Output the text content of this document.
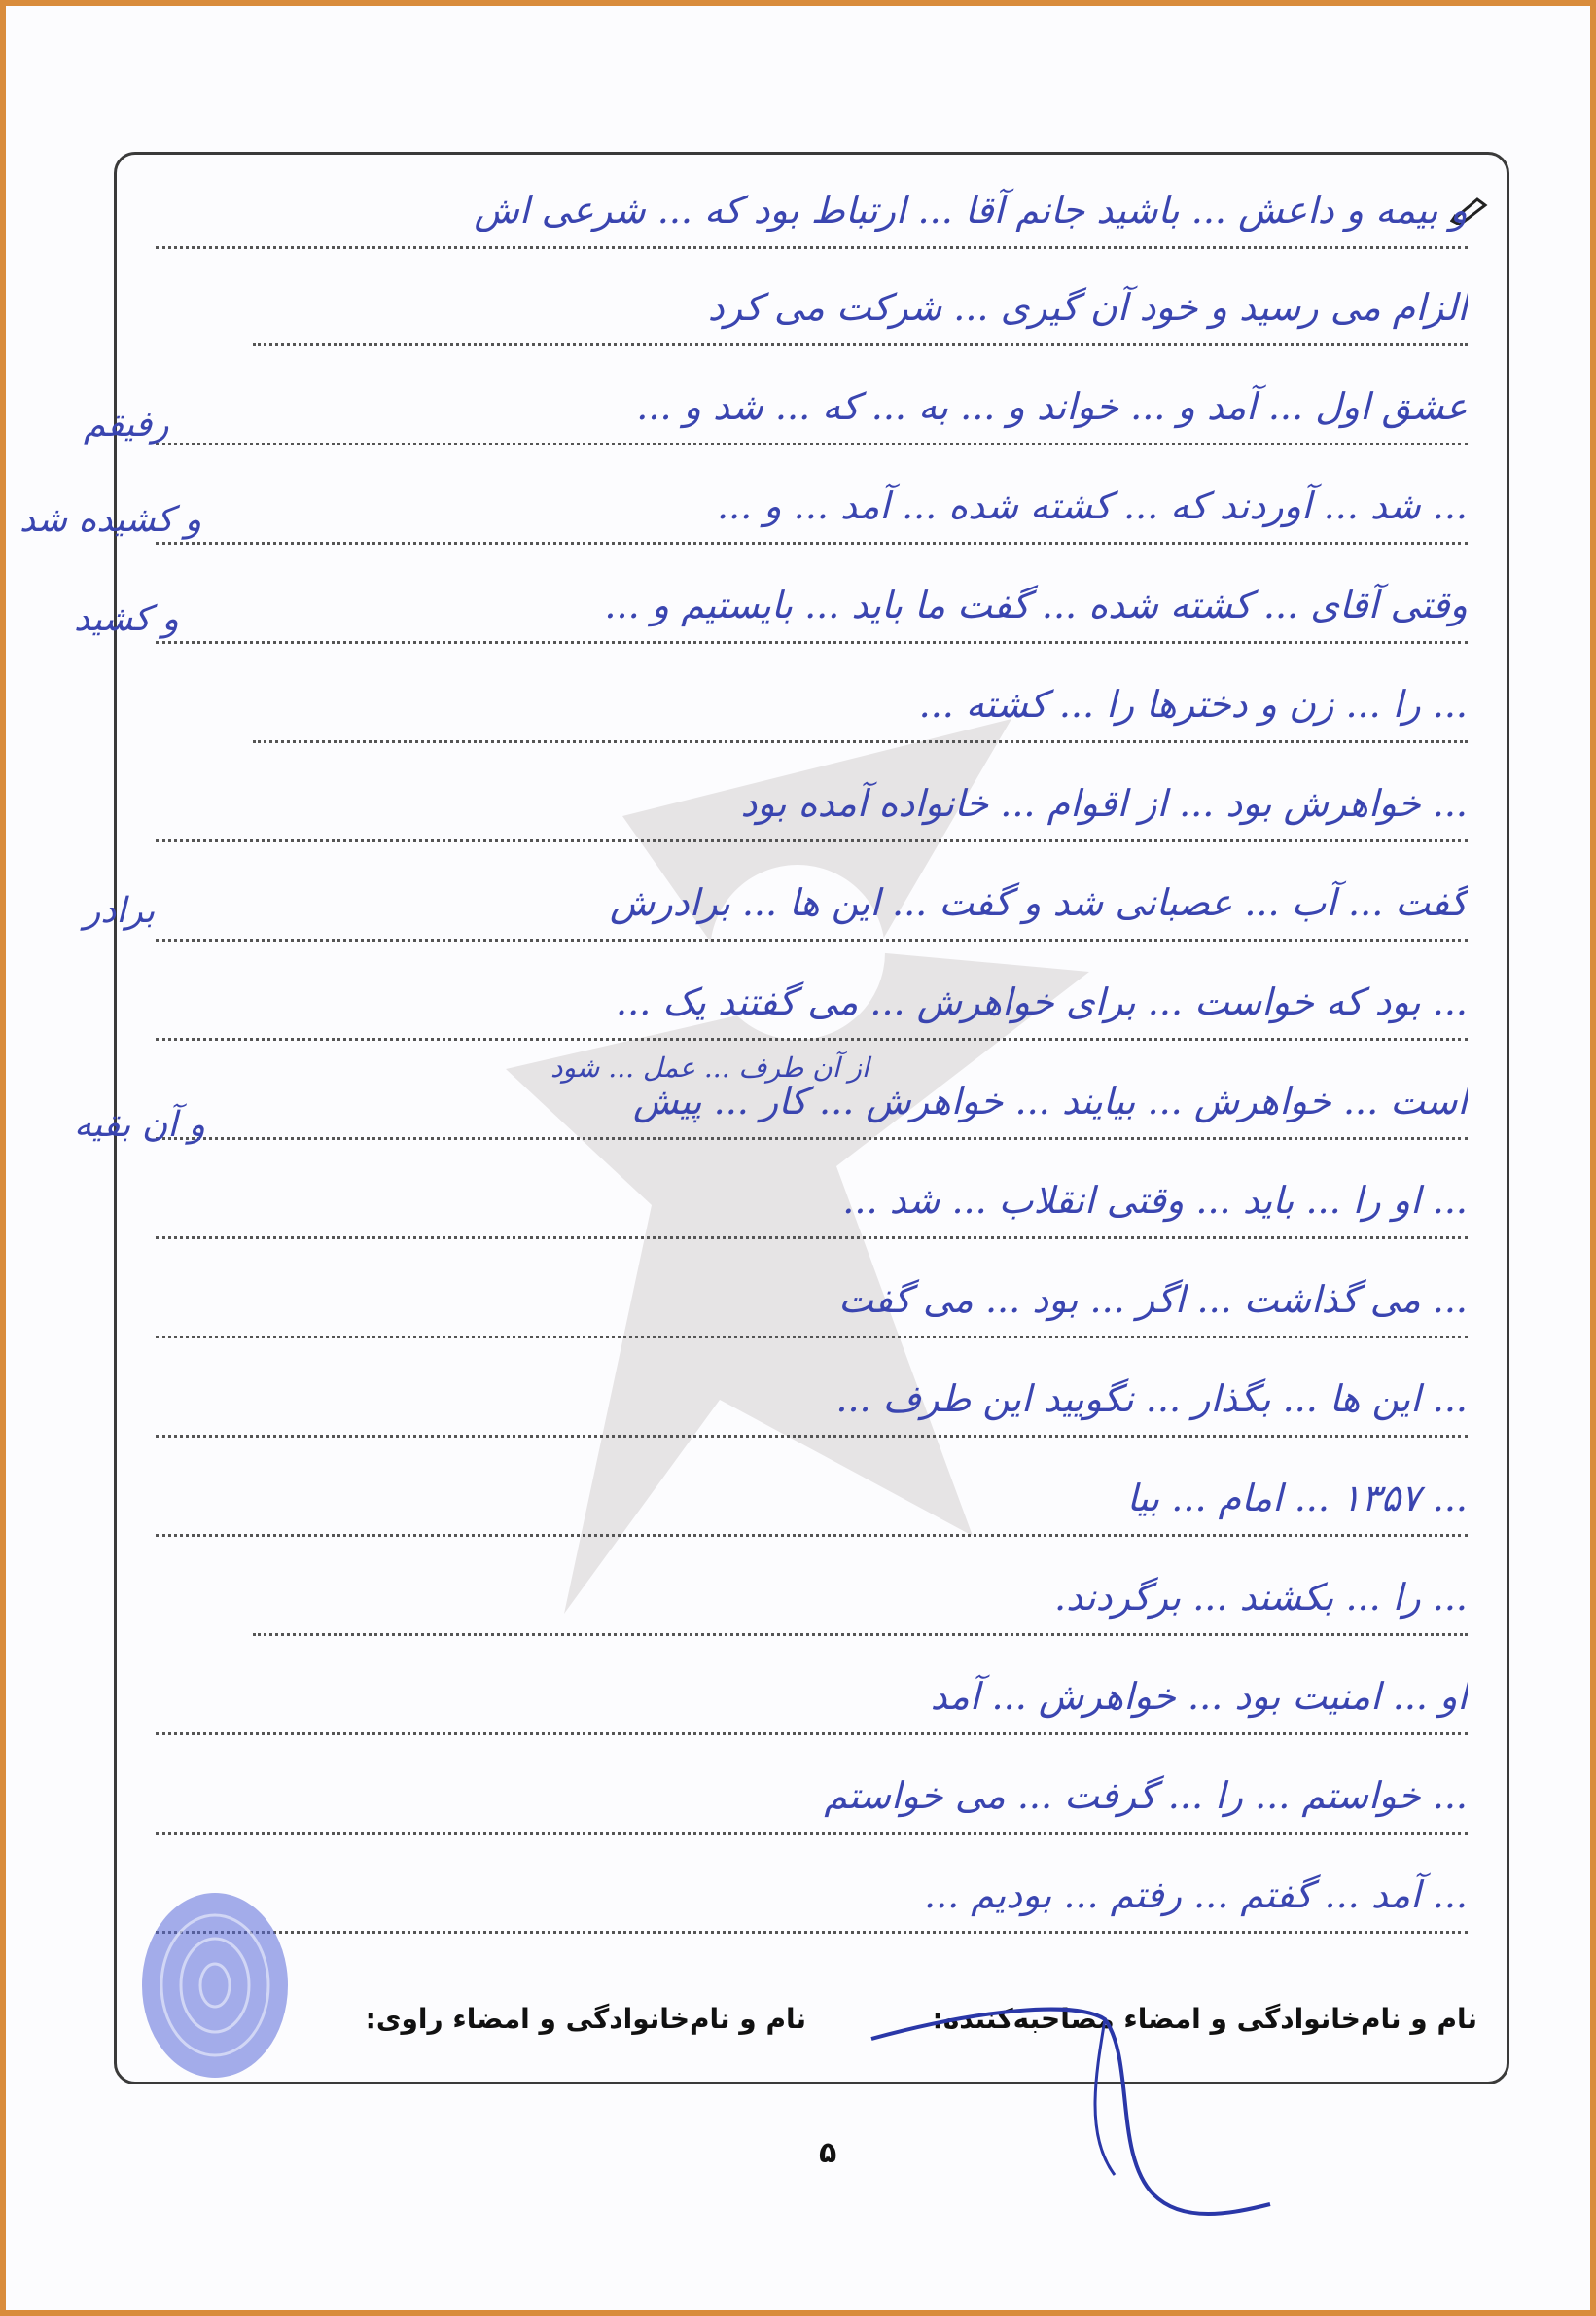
و بیمه و داعش ... باشید جانم آقا ... ارتباط بود که ... شرعی اش
الزام می رسید و خود آن گیری ... شرکت می کرد
عشق اول ... آمد و ... خواند و ... به ... که ... شد و ...
... شد ... آوردند که ... کشته شده ... آمد ... و ...
وقتی آقای ... کشته شده ... گفت ما باید ... بایستیم و ...
... را ... زن و دخترها را ... کشته ...
... خواهرش بود ... از اقوام ... خانواده آمده بود
گفت ... آب ... عصبانی شد و گفت ... این ها ... برادرش
... بود که خواست ... برای خواهرش ... می گفتند یک ...
است ... خواهرش ... بیایند ... خواهرش ... کار ... پیش
... او را ... باید ... وقتی انقلاب ... شد ...
... می گذاشت ... اگر ... بود ... می گفت
... این ها ... بگذار ... نگویید این طرف ...
... ۱۳۵۷ ... امام ... بیا
... را ... بکشند ... برگردند.
او ... امنیت بود ... خواهرش ... آمد
... خواستم ... را ... گرفت ... می خواستم
... آمد ... گفتم ... رفتم ... بودیم ...
نام و نام‌خانوادگی و امضاء مصاحبه‌کننده:
نام و نام‌خانوادگی و امضاء راوی:
رفیقم
و کشیده شد
و کشید
برادر
و آن بقیه
از آن طرف ... عمل ... شود
۵
